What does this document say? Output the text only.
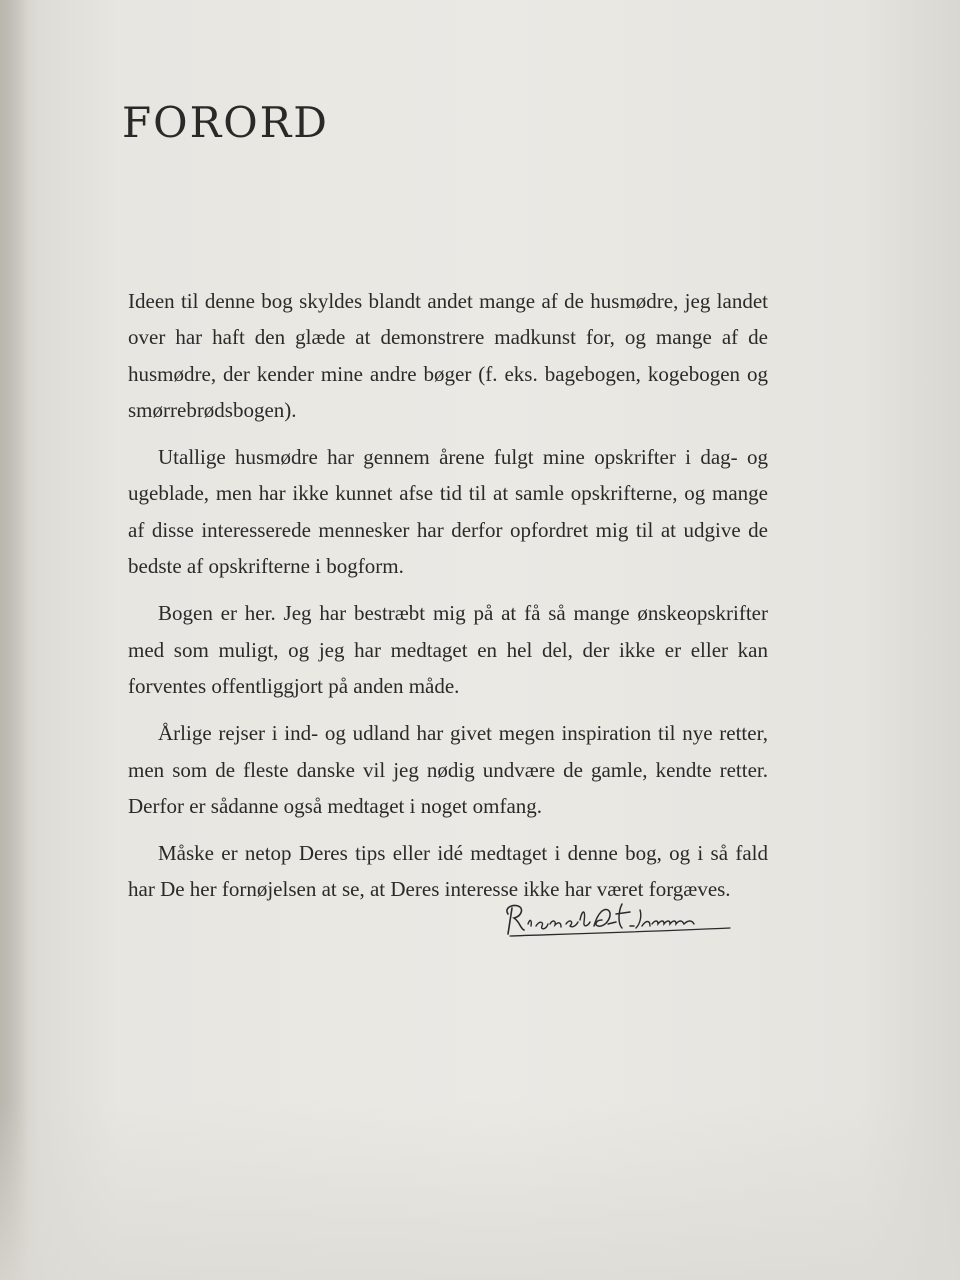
FORORD

Ideen til denne bog skyldes blandt andet mange af de husmødre, jeg landet over har haft den glæde at demonstrere madkunst for, og mange af de husmødre, der kender mine andre bøger (f. eks. bagebogen, kogebogen og smørrebrødsbogen).

Utallige husmødre har gennem årene fulgt mine opskrifter i dag- og ugeblade, men har ikke kunnet afse tid til at samle opskrifterne, og mange af disse interesserede mennesker har derfor opfordret mig til at udgive de bedste af opskrifterne i bogform.

Bogen er her. Jeg har bestræbt mig på at få så mange ønskeopskrifter med som muligt, og jeg har medtaget en hel del, der ikke er eller kan forventes offentliggjort på anden måde.

Årlige rejser i ind- og udland har givet megen inspiration til nye retter, men som de fleste danske vil jeg nødig undvære de gamle, kendte retter. Derfor er sådanne også medtaget i noget omfang.

Måske er netop Deres tips eller idé medtaget i denne bog, og i så fald har De her fornøjelsen at se, at Deres interesse ikke har været forgæves.
